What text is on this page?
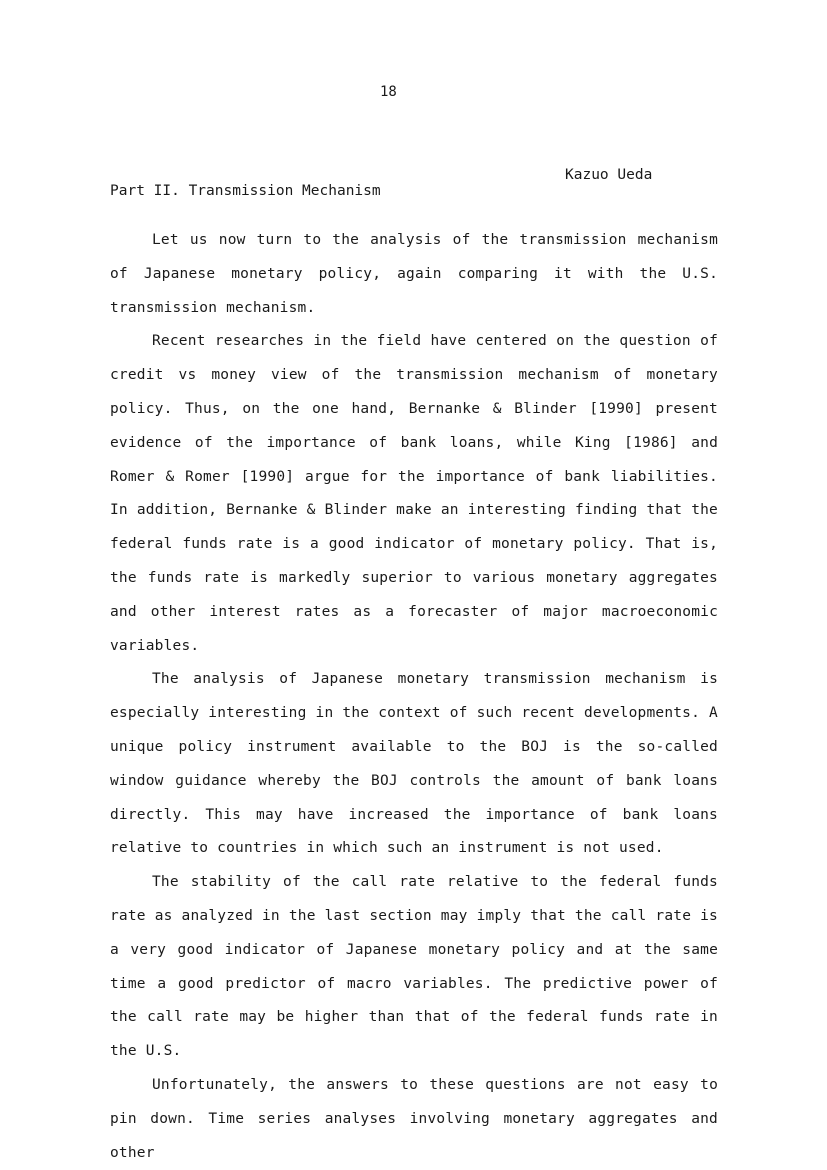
18
Kazuo Ueda
Part II. Transmission Mechanism

Let us now turn to the analysis of the transmission mechanism of Japanese monetary policy, again comparing it with the U.S. transmission mechanism.

Recent researches in the field have centered on the question of credit vs money view of the transmission mechanism of monetary policy. Thus, on the one hand, Bernanke & Blinder [1990] present evidence of the importance of bank loans, while King [1986] and Romer & Romer [1990] argue for the importance of bank liabilities. In addition, Bernanke & Blinder make an interesting finding that the federal funds rate is a good indicator of monetary policy. That is, the funds rate is markedly superior to various monetary aggregates and other interest rates as a forecaster of major macroeconomic variables.

The analysis of Japanese monetary transmission mechanism is especially interesting in the context of such recent developments. A unique policy instrument available to the BOJ is the so-called window guidance whereby the BOJ controls the amount of bank loans directly. This may have increased the importance of bank loans relative to countries in which such an instrument is not used.

The stability of the call rate relative to the federal funds rate as analyzed in the last section may imply that the call rate is a very good indicator of Japanese monetary policy and at the same time a good predictor of macro variables. The predictive power of the call rate may be higher than that of the federal funds rate in the U.S.

Unfortunately, the answers to these questions are not easy to pin down. Time series analyses involving monetary aggregates and other
